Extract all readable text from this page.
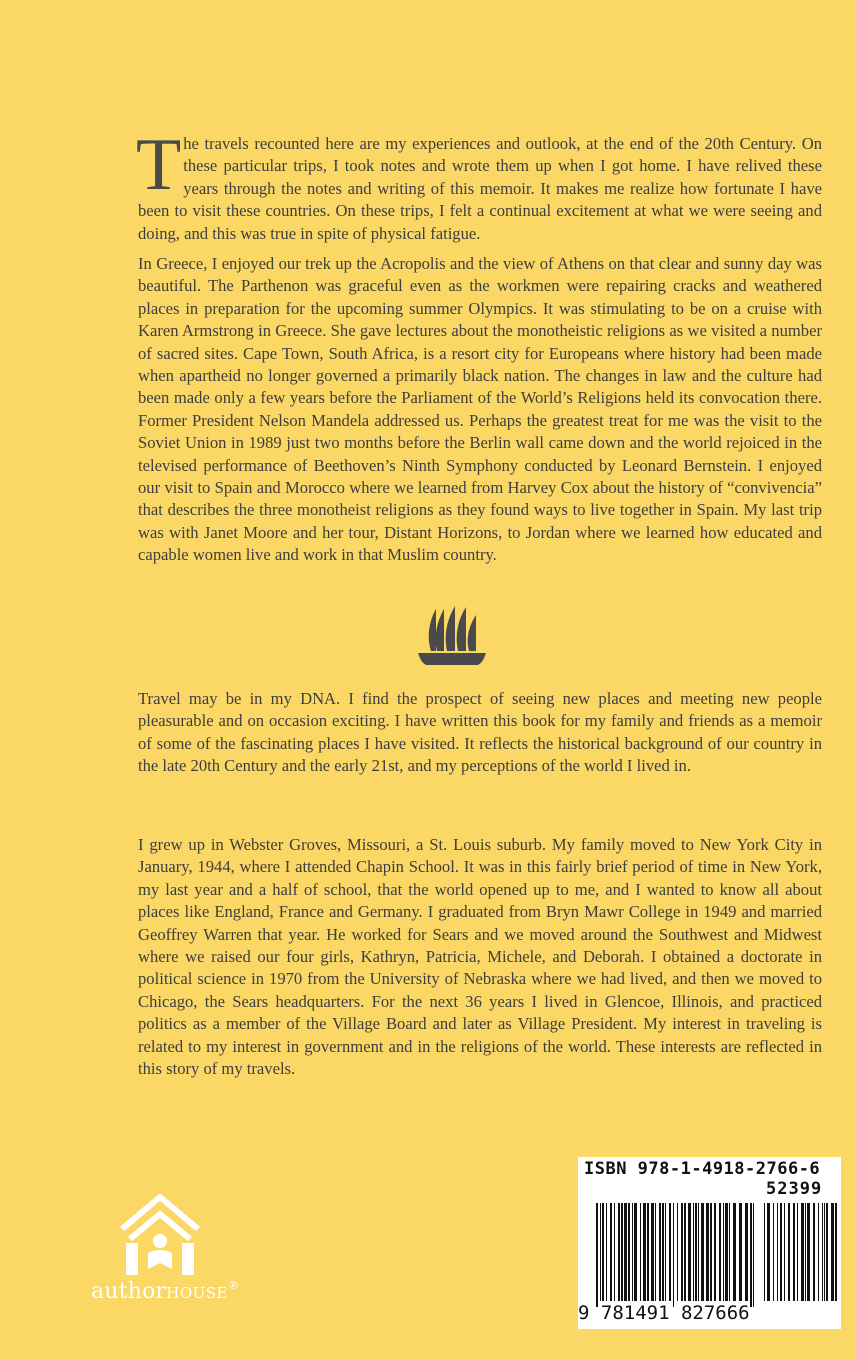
The travels recounted here are my experiences and outlook, at the end of the 20th Century. On these particular trips, I took notes and wrote them up when I got home. I have relived these years through the notes and writing of this memoir. It makes me realize how fortunate I have been to visit these countries. On these trips, I felt a continual excitement at what we were seeing and doing, and this was true in spite of physical fatigue.

In Greece, I enjoyed our trek up the Acropolis and the view of Athens on that clear and sunny day was beautiful. The Parthenon was graceful even as the workmen were repairing cracks and weathered places in preparation for the upcoming summer Olympics. It was stimulating to be on a cruise with Karen Armstrong in Greece. She gave lectures about the monotheistic religions as we visited a number of sacred sites. Cape Town, South Africa, is a resort city for Europeans where history had been made when apartheid no longer governed a primarily black nation. The changes in law and the culture had been made only a few years before the Parliament of the World’s Religions held its convocation there. Former President Nelson Mandela addressed us. Perhaps the greatest treat for me was the visit to the Soviet Union in 1989 just two months before the Berlin wall came down and the world rejoiced in the televised performance of Beethoven’s Ninth Symphony conducted by Leonard Bernstein. I enjoyed our visit to Spain and Morocco where we learned from Harvey Cox about the history of “convivencia” that describes the three monotheist religions as they found ways to live together in Spain. My last trip was with Janet Moore and her tour, Distant Horizons, to Jordan where we learned how educated and capable women live and work in that Muslim country.

Travel may be in my DNA. I find the prospect of seeing new places and meeting new people pleasurable and on occasion exciting. I have written this book for my family and friends as a memoir of some of the fascinating places I have visited. It reflects the historical background of our country in the late 20th Century and the early 21st, and my perceptions of the world I lived in.

I grew up in Webster Groves, Missouri, a St. Louis suburb. My family moved to New York City in January, 1944, where I attended Chapin School. It was in this fairly brief period of time in New York, my last year and a half of school, that the world opened up to me, and I wanted to know all about places like England, France and Germany. I graduated from Bryn Mawr College in 1949 and married Geoffrey Warren that year. He worked for Sears and we moved around the Southwest and Midwest where we raised our four girls, Kathryn, Patricia, Michele, and Deborah. I obtained a doctorate in political science in 1970 from the University of Nebraska where we had lived, and then we moved to Chicago, the Sears headquarters. For the next 36 years I lived in Glencoe, Illinois, and practiced politics as a member of the Village Board and later as Village President. My interest in traveling is related to my interest in government and in the religions of the world. These interests are reflected in this story of my travels.

authorHOUSE®
ISBN 978-1-4918-2766-6
52399
9 781491 827666
